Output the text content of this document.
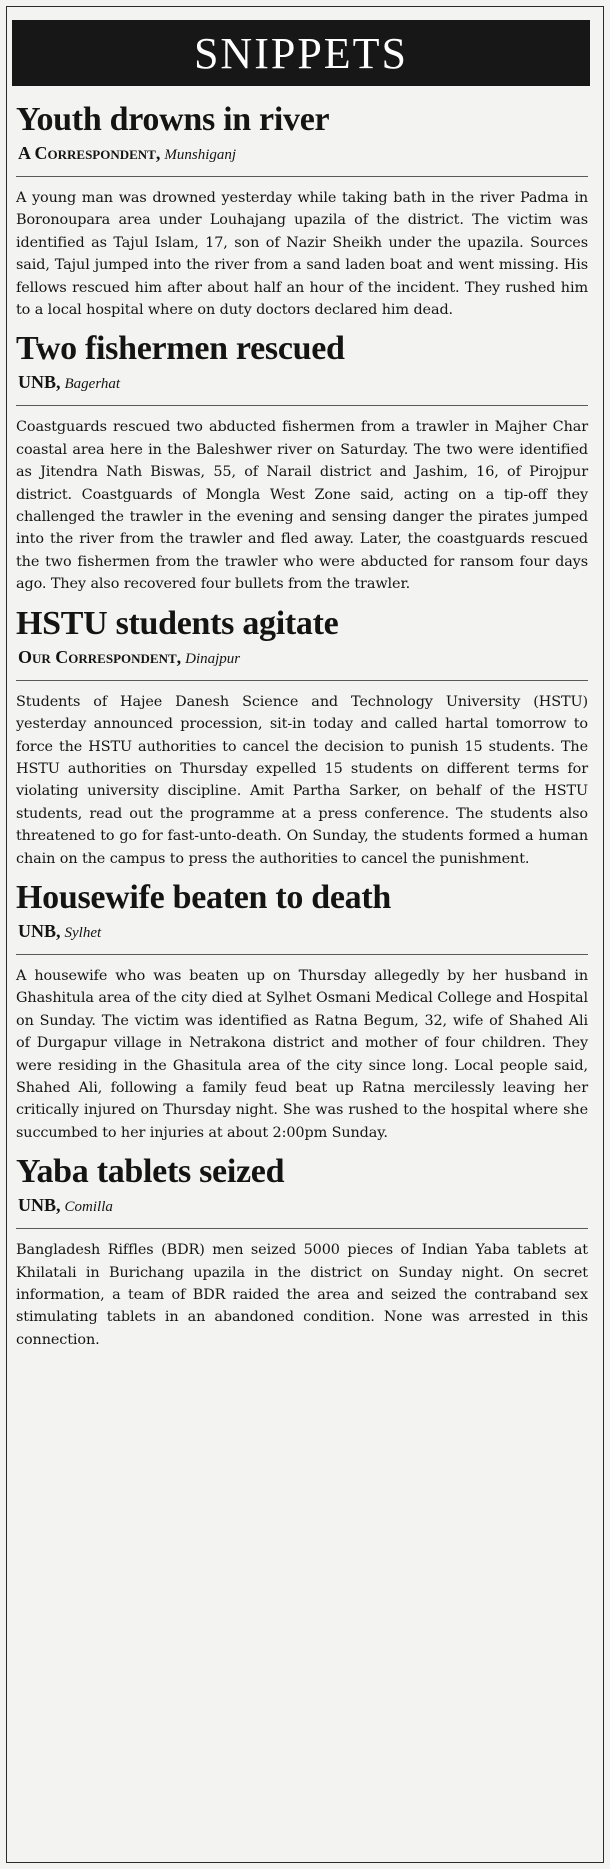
SNIPPETS
Youth drowns in river
A Correspondent, Munshiganj

A young man was drowned yesterday while taking bath in the river Padma in Boronoupara area under Louhajang upazila of the district. The victim was identified as Tajul Islam, 17, son of Nazir Sheikh under the upazila. Sources said, Tajul jumped into the river from a sand laden boat and went missing. His fellows rescued him after about half an hour of the incident. They rushed him to a local hospital where on duty doctors declared him dead.

Two fishermen rescued
UNB, Bagerhat

Coastguards rescued two abducted fishermen from a trawler in Majher Char coastal area here in the Baleshwer river on Saturday. The two were identified as Jitendra Nath Biswas, 55, of Narail district and Jashim, 16, of Pirojpur district. Coastguards of Mongla West Zone said, acting on a tip-off they challenged the trawler in the evening and sensing danger the pirates jumped into the river from the trawler and fled away. Later, the coastguards rescued the two fishermen from the trawler who were abducted for ransom four days ago. They also recovered four bullets from the trawler.

HSTU students agitate
Our Correspondent, Dinajpur

Students of Hajee Danesh Science and Technology University (HSTU) yesterday announced procession, sit-in today and called hartal tomorrow to force the HSTU authorities to cancel the decision to punish 15 students. The HSTU authorities on Thursday expelled 15 students on different terms for violating university discipline. Amit Partha Sarker, on behalf of the HSTU students, read out the programme at a press conference. The students also threatened to go for fast-unto-death. On Sunday, the students formed a human chain on the campus to press the authorities to cancel the punishment.

Housewife beaten to death
UNB, Sylhet

A housewife who was beaten up on Thursday allegedly by her husband in Ghashitula area of the city died at Sylhet Osmani Medical College and Hospital on Sunday. The victim was identified as Ratna Begum, 32, wife of Shahed Ali of Durgapur village in Netrakona district and mother of four children. They were residing in the Ghasitula area of the city since long. Local people said, Shahed Ali, following a family feud beat up Ratna mercilessly leaving her critically injured on Thursday night. She was rushed to the hospital where she succumbed to her injuries at about 2:00pm Sunday.

Yaba tablets seized
UNB, Comilla

Bangladesh Riffles (BDR) men seized 5000 pieces of Indian Yaba tablets at Khilatali in Burichang upazila in the district on Sunday night. On secret information, a team of BDR raided the area and seized the contraband sex stimulating tablets in an abandoned condition. None was arrested in this connection.
